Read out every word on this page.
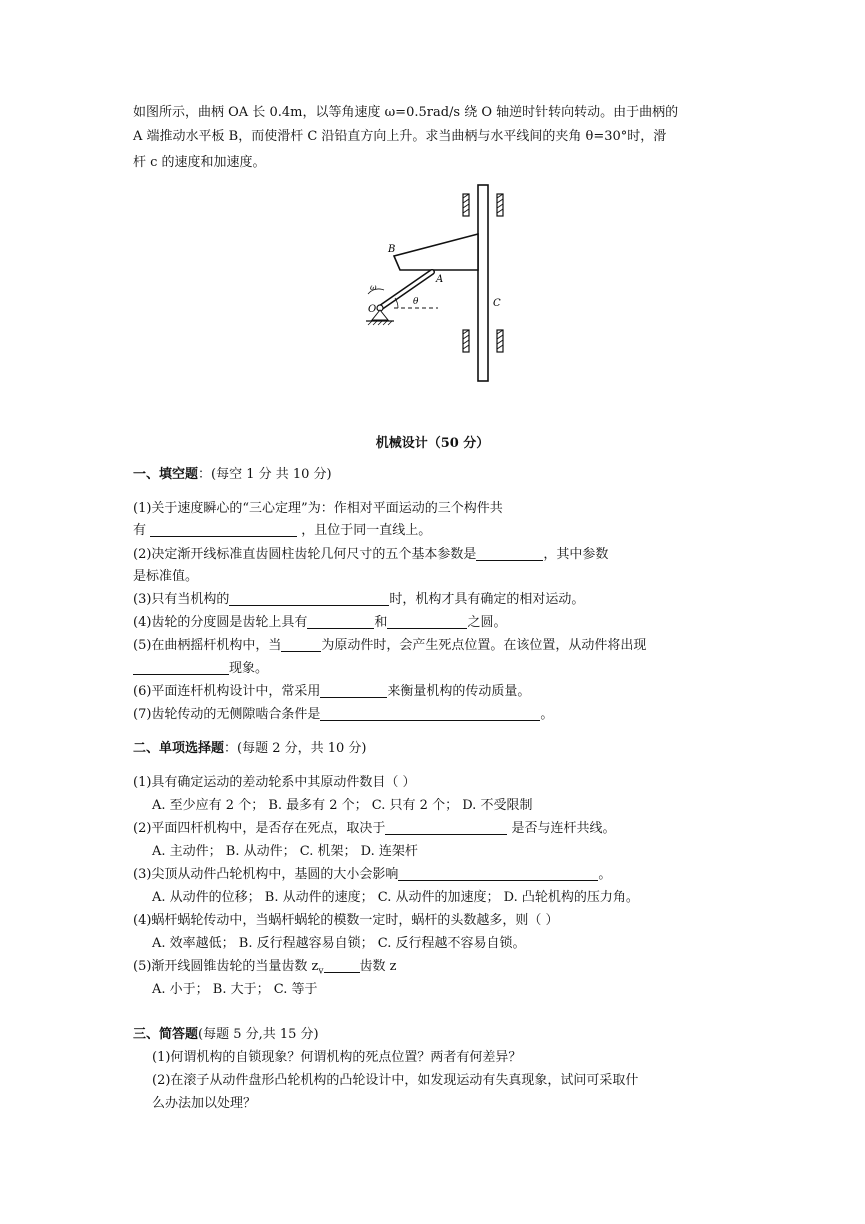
如图所示，曲柄 OA 长 0.4m，以等角速度 ω=0.5rad/s 绕 O 轴逆时针转向转动。由于曲柄的
A 端推动水平板 B，而使滑杆 C 沿铅直方向上升。求当曲柄与水平线间的夹角 θ=30°时，滑
杆 c 的速度和加速度。
B
A
O
C
ω
θ
机械设计（50 分）
一、填空题：(每空 1 分 共 10 分)
(1)关于速度瞬心的“三心定理”为：作相对平面运动的三个构件共
有	，且位于同一直线上。
(2)决定渐开线标准直齿圆柱齿轮几何尺寸的五个基本参数是	，其中参数
是标准值。
(3)只有当机构的	时，机构才具有确定的相对运动。
(4)齿轮的分度圆是齿轮上具有	和	之圆。
(5)在曲柄摇杆机构中，当	为原动件时，会产生死点位置。在该位置，从动件将出现
现象。
(6)平面连杆机构设计中，常采用	来衡量机构的传动质量。
(7)齿轮传动的无侧隙啮合条件是	。
二、单项选择题：(每题 2 分，共 10 分)
(1)具有确定运动的差动轮系中其原动件数目（ ）
A. 至少应有 2 个； B. 最多有 2 个； C. 只有 2 个； D. 不受限制
(2)平面四杆机构中，是否存在死点，取决于	是否与连杆共线。
A. 主动件； B. 从动件； C. 机架； D. 连架杆
(3)尖顶从动件凸轮机构中，基圆的大小会影响	。
A. 从动件的位移； B. 从动件的速度； C. 从动件的加速度； D. 凸轮机构的压力角。
(4)蜗杆蜗轮传动中，当蜗杆蜗轮的模数一定时，蜗杆的头数越多，则（ ）
A. 效率越低； B. 反行程越容易自锁； C. 反行程越不容易自锁。
(5)渐开线圆锥齿轮的当量齿数 $z_v$	齿数 z
A. 小于； B. 大于； C. 等于
三、简答题(每题 5 分,共 15 分)
(1)何谓机构的自锁现象？何谓机构的死点位置？两者有何差异？
(2)在滚子从动件盘形凸轮机构的凸轮设计中，如发现运动有失真现象，试问可采取什
么办法加以处理？
